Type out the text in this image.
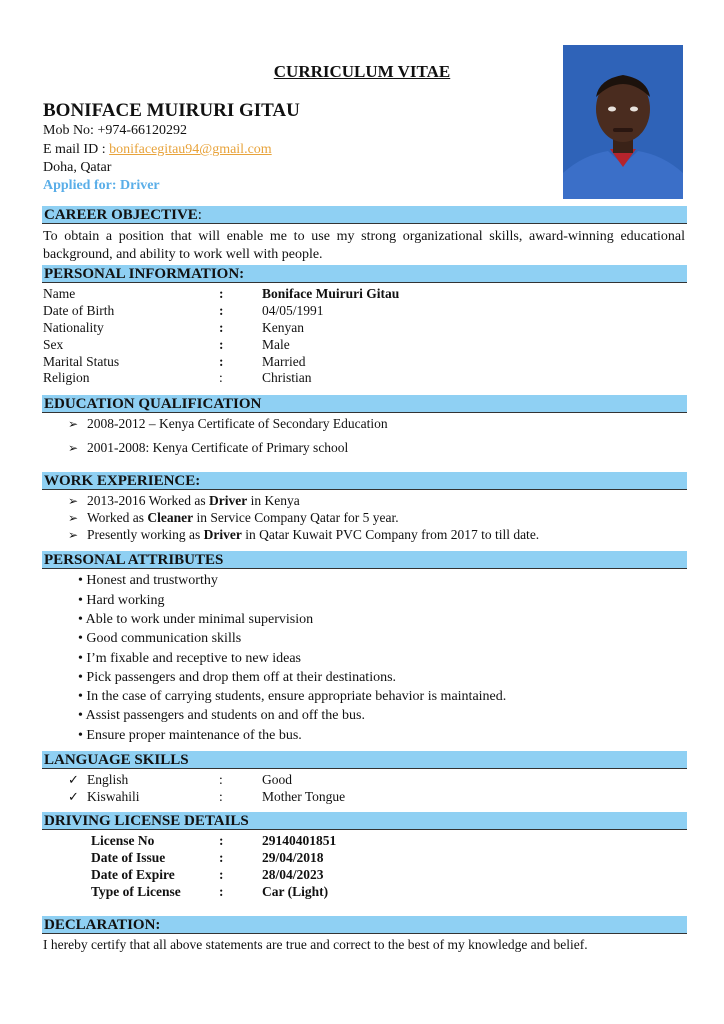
CURRICULUM VITAE
BONIFACE MUIRURI GITAU
Mob No: +974-66120292
E mail ID : bonifacegitau94@gmail.com
Doha, Qatar
Applied for: Driver
CAREER OBJECTIVE:
To obtain a position that will enable me to use my strong organizational skills, award-winning educational background, and ability to work well with people.
PERSONAL INFORMATION:
Name	:	Boniface Muiruri Gitau
Date of Birth	:	04/05/1991
Nationality	:	Kenyan
Sex	:	Male
Marital Status	:	Married
Religion	:	Christian
EDUCATION QUALIFICATION
➢ 2008-2012 – Kenya Certificate of Secondary Education
➢ 2001-2008: Kenya Certificate of Primary school
WORK EXPERIENCE:
➢ 2013-2016 Worked as Driver in Kenya
➢ Worked as Cleaner in Service Company Qatar for 5 year.
➢ Presently working as Driver in Qatar Kuwait PVC Company from 2017 to till date.
PERSONAL ATTRIBUTES
• Honest and trustworthy
• Hard working
• Able to work under minimal supervision
• Good communication skills
• I’m fixable and receptive to new ideas
• Pick passengers and drop them off at their destinations.
• In the case of carrying students, ensure appropriate behavior is maintained.
• Assist passengers and students on and off the bus.
• Ensure proper maintenance of the bus.
LANGUAGE SKILLS
✓ English	:	Good
✓ Kiswahili	:	Mother Tongue
DRIVING LICENSE DETAILS
License No	:	29140401851
Date of Issue	:	29/04/2018
Date of Expire	:	28/04/2023
Type of License	:	Car (Light)
DECLARATION:
I hereby certify that all above statements are true and correct to the best of my knowledge and belief.
